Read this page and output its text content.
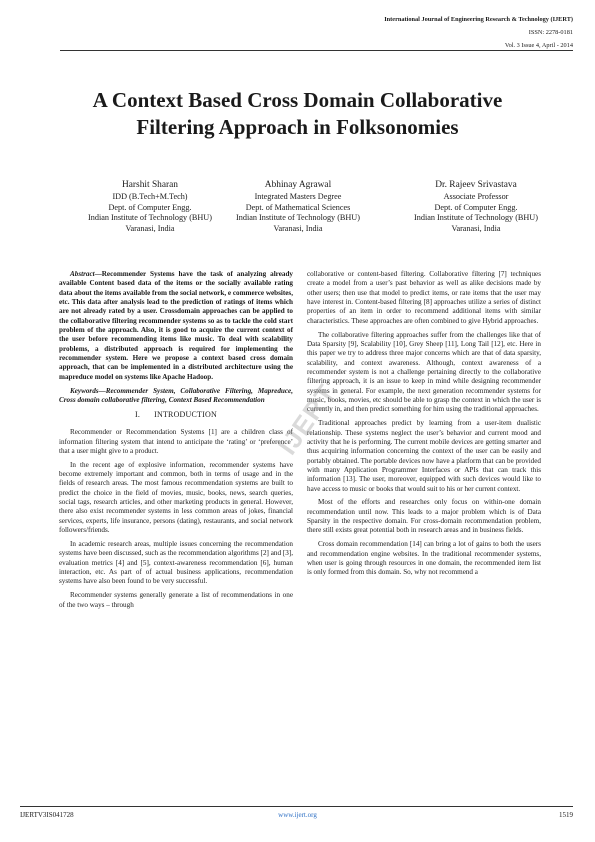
International Journal of Engineering Research & Technology (IJERT)
ISSN: 2278-0181
Vol. 3 Issue 4, April - 2014
A Context Based Cross Domain Collaborative
Filtering Approach in Folksonomies
Harshit Sharan
IDD (B.Tech+M.Tech)
Dept. of Computer Engg.
Indian Institute of Technology (BHU)
Varanasi, India
Abhinay Agrawal
Integrated Masters Degree
Dept. of Mathematical Sciences
Indian Institute of Technology (BHU)
Varanasi, India
Dr. Rajeev Srivastava
Associate Professor
Dept. of Computer Engg.
Indian Institute of Technology (BHU)
Varanasi, India

Abstract—Recommender Systems have the task of analyzing already available Content based data of the items or the socially available rating data about the items available from the social network, e commerce websites, etc. This data after analysis lead to the prediction of ratings of items which are not already rated by a user. Crossdomain approaches can be applied to the collaborative filtering recommender systems so as to tackle the cold start problem of the approach. Also, it is good to acquire the current context of the user before recommending items like music. To deal with scalability problems, a distributed approach is required for implementing the recommender system. Here we propose a context based cross domain approach, that can be implemented in a distributed architecture using the mapreduce model on systems like Apache Hadoop.

Keywords—Recommender System, Collaborative Filtering, Mapreduce, Cross domain collaborative filtering, Context Based Recommendation

I. INTRODUCTION

Recommender or Recommendation Systems [1] are a children class of information filtering system that intend to anticipate the ‘rating’ or ‘preference’ that a user might give to a product.

In the recent age of explosive information, recommender systems have become extremely important and common, both in terms of usage and in the fields of research areas. The most famous recommendation systems are built to predict the choice in the field of movies, music, books, news, search queries, social tags, research articles, and other marketing products in general. However, there also exist recommender systems in less common areas of jokes, financial services, experts, life insurance, persons (dating), restaurants, and social network followers/friends.

In academic research areas, multiple issues concerning the recommendation systems have been discussed, such as the recommendation algorithms [2] and [3], evaluation metrics [4] and [5], context-awareness recommendation [6], human interaction, etc. As part of of actual business applications, recommendation systems have also been found to be very successful.

Recommender systems generally generate a list of recommendations in one of the two ways – through

collaborative or content-based filtering. Collaborative filtering [7] techniques create a model from a user’s past behavior as well as alike decisions made by other users; then use that model to predict items, or rate items that the user may have interest in. Content-based filtering [8] approaches utilize a series of distinct properties of an item in order to recommend additional items with similar characteristics. These approaches are often combined to give Hybrid approaches.

The collaborative filtering approaches suffer from the challenges like that of Data Sparsity [9], Scalability [10], Grey Sheep [11], Long Tail [12], etc. Here in this paper we try to address three major concerns which are that of data sparsity, scalability, and context awareness. Although, context awareness of a recommender system is not a challenge pertaining directly to the collaborative filtering approach, it is an issue to keep in mind while designing recommender systems in general. For example, the next generation recommender systems for music, books, movies, etc should be able to grasp the context in which the user is currently in, and then predict something for him using the traditional approaches.

Traditional approaches predict by learning from a user-item dualistic relationship. These systems neglect the user’s behavior and current mood and activity that he is performing. The current mobile devices are getting smarter and thus acquiring information concerning the context of the user can be easily and portably obtained. The portable devices now have a platform that can be provided with many Application Programmer Interfaces or APIs that can track this information [13]. The user, moreover, equipped with such devices would like to have access to music or books that would suit to his or her current context.

Most of the efforts and researches only focus on within-one domain recommendation until now. This leads to a major problem which is of Data Sparsity in the respective domain. For cross-domain recommendation problem, there still exists great potential both in research areas and in business fields.

Cross domain recommendation [14] can bring a lot of gains to both the users and recommendation engine websites. In the traditional recommender systems, when user is going through resources in one domain, the recommended item list is only formed from this domain. So, why not recommend a

IJERT
IJERTV3IS041728	www.ijert.org	1519
